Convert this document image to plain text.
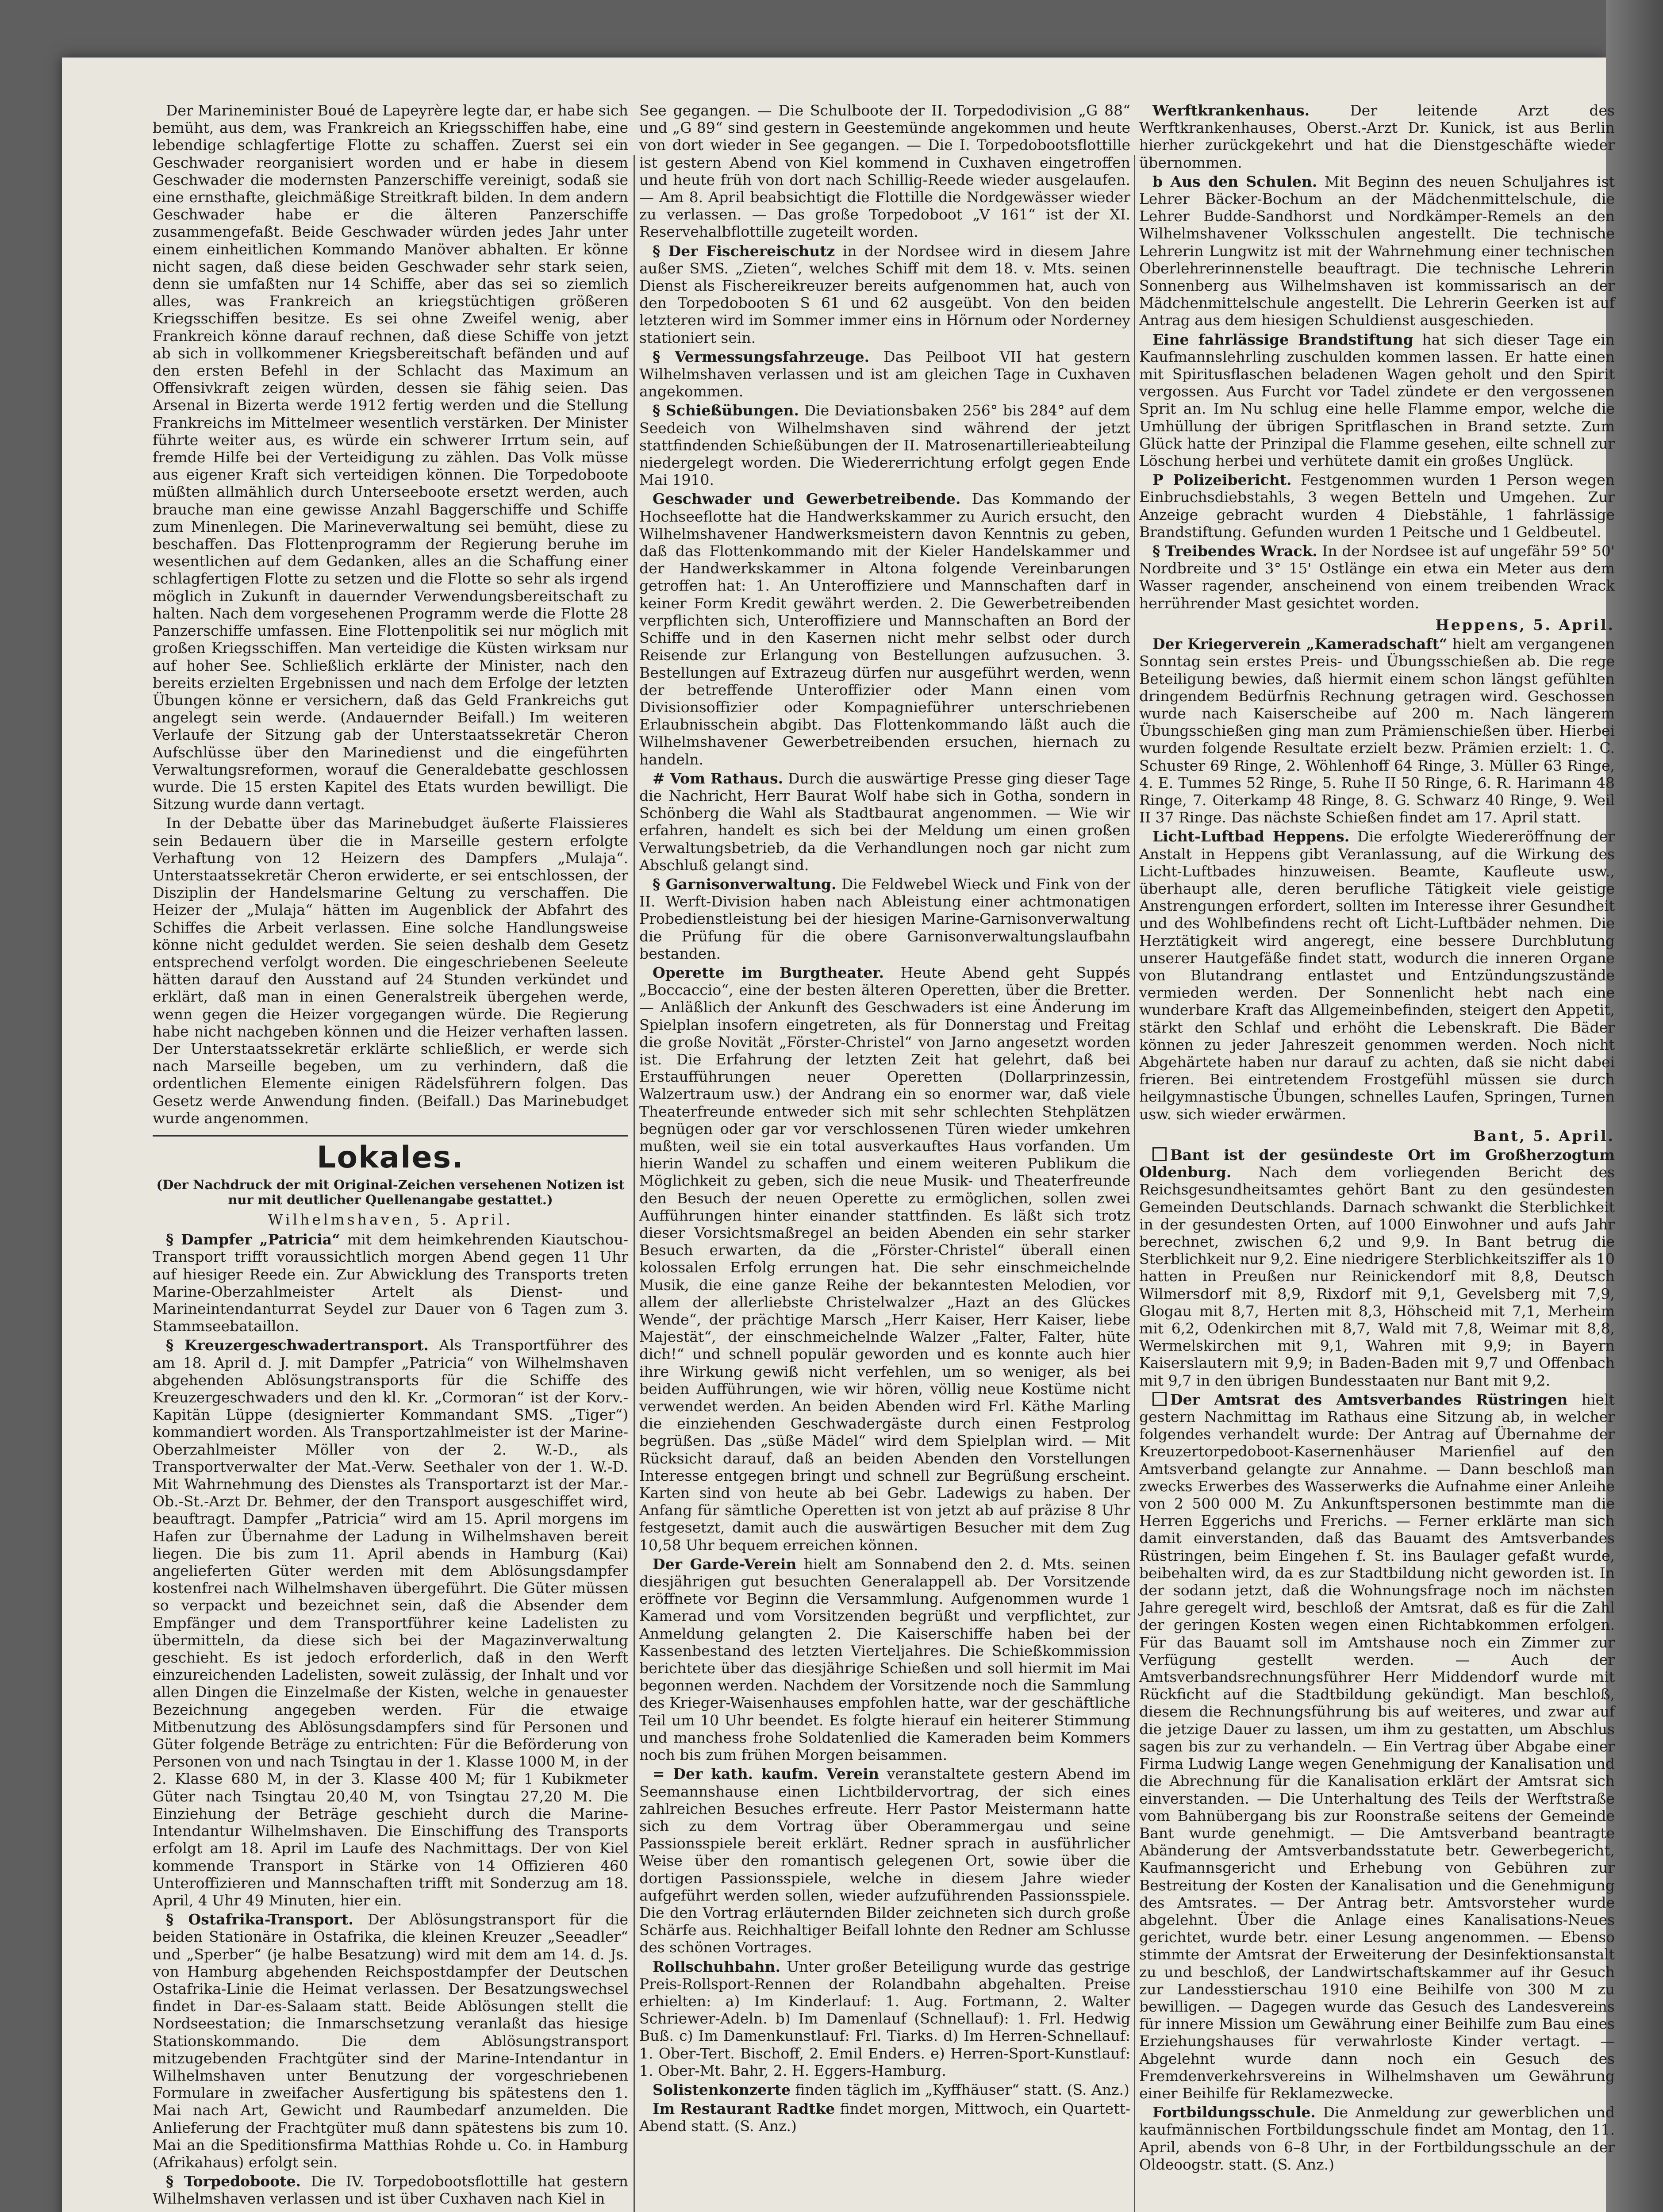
Der Marineminister Boué de Lapeyrère legte dar, er habe sich bemüht, aus dem, was Frankreich an Kriegsschiffen habe, eine lebendige schlagfertige Flotte zu schaffen. Zuerst sei ein Geschwader reorganisiert worden und er habe in diesem Geschwader die modernsten Panzerschiffe vereinigt, sodaß sie eine ernsthafte, gleichmäßige Streitkraft bilden. In dem andern Geschwader habe er die älteren Panzerschiffe zusammengefaßt. Beide Geschwader würden jedes Jahr unter einem einheitlichen Kommando Manöver abhalten. Er könne nicht sagen, daß diese beiden Geschwader sehr stark seien, denn sie umfaßten nur 14 Schiffe, aber das sei so ziemlich alles, was Frankreich an kriegstüchtigen größeren Kriegsschiffen besitze. Es sei ohne Zweifel wenig, aber Frankreich könne darauf rechnen, daß diese Schiffe von jetzt ab sich in vollkommener Kriegsbereitschaft befänden und auf den ersten Befehl in der Schlacht das Maximum an Offensivkraft zeigen würden, dessen sie fähig seien. Das Arsenal in Bizerta werde 1912 fertig werden und die Stellung Frankreichs im Mittelmeer wesentlich verstärken. Der Minister führte weiter aus, es würde ein schwerer Irrtum sein, auf fremde Hilfe bei der Verteidigung zu zählen. Das Volk müsse aus eigener Kraft sich verteidigen können. Die Torpedoboote müßten allmählich durch Unterseeboote ersetzt werden, auch brauche man eine gewisse Anzahl Baggerschiffe und Schiffe zum Minenlegen. Die Marineverwaltung sei bemüht, diese zu beschaffen. Das Flottenprogramm der Regierung beruhe im wesentlichen auf dem Gedanken, alles an die Schaffung einer schlagfertigen Flotte zu setzen und die Flotte so sehr als irgend möglich in Zukunft in dauernder Verwendungsbereitschaft zu halten. Nach dem vorgesehenen Programm werde die Flotte 28 Panzerschiffe umfassen. Eine Flottenpolitik sei nur möglich mit großen Kriegsschiffen. Man verteidige die Küsten wirksam nur auf hoher See. Schließlich erklärte der Minister, nach den bereits erzielten Ergebnissen und nach dem Erfolge der letzten Übungen könne er versichern, daß das Geld Frankreichs gut angelegt sein werde. (Andauernder Beifall.) Im weiteren Verlaufe der Sitzung gab der Unterstaatssekretär Cheron Aufschlüsse über den Marinedienst und die eingeführten Verwaltungsreformen, worauf die Generaldebatte geschlossen wurde. Die 15 ersten Kapitel des Etats wurden bewilligt. Die Sitzung wurde dann vertagt.

In der Debatte über das Marinebudget äußerte Flaissieres sein Bedauern über die in Marseille gestern erfolgte Verhaftung von 12 Heizern des Dampfers „Mulaja“. Unterstaatssekretär Cheron erwiderte, er sei entschlossen, der Disziplin der Handelsmarine Geltung zu verschaffen. Die Heizer der „Mulaja“ hätten im Augenblick der Abfahrt des Schiffes die Arbeit verlassen. Eine solche Handlungsweise könne nicht geduldet werden. Sie seien deshalb dem Gesetz entsprechend verfolgt worden. Die eingeschriebenen Seeleute hätten darauf den Ausstand auf 24 Stunden verkündet und erklärt, daß man in einen Generalstreik übergehen werde, wenn gegen die Heizer vorgegangen würde. Die Regierung habe nicht nachgeben können und die Heizer verhaften lassen. Der Unterstaatssekretär erklärte schließlich, er werde sich nach Marseille begeben, um zu verhindern, daß die ordentlichen Elemente einigen Rädelsführern folgen. Das Gesetz werde Anwendung finden. (Beifall.) Das Marinebudget wurde angenommen.

Lokales.
(Der Nachdruck der mit Original-Zeichen versehenen Notizen ist nur mit deutlicher Quellenangabe gestattet.)
Wilhelmshaven, 5. April.

§ Dampfer „Patricia“ mit dem heimkehrenden Kiautschou-Transport trifft voraussichtlich morgen Abend gegen 11 Uhr auf hiesiger Reede ein. Zur Abwicklung des Transports treten Marine-Oberzahlmeister Artelt als Dienst- und Marineintendanturrat Seydel zur Dauer von 6 Tagen zum 3. Stammseebataillon.

§ Kreuzergeschwadertransport. Als Transportführer des am 18. April d. J. mit Dampfer „Patricia“ von Wilhelmshaven abgehenden Ablösungstransports für die Schiffe des Kreuzergeschwaders und den kl. Kr. „Cormoran“ ist der Korv.-Kapitän Lüppe (designierter Kommandant SMS. „Tiger“) kommandiert worden. Als Transportzahlmeister ist der Marine-Oberzahlmeister Möller von der 2. W.-D., als Transportverwalter der Mat.-Verw. Seethaler von der 1. W.-D. Mit Wahrnehmung des Dienstes als Transportarzt ist der Mar.-Ob.-St.-Arzt Dr. Behmer, der den Transport ausgeschiffet wird, beauftragt. Dampfer „Patricia“ wird am 15. April morgens im Hafen zur Übernahme der Ladung in Wilhelmshaven bereit liegen. Die bis zum 11. April abends in Hamburg (Kai) angelieferten Güter werden mit dem Ablösungsdampfer kostenfrei nach Wilhelmshaven übergeführt. Die Güter müssen so verpackt und bezeichnet sein, daß die Absender dem Empfänger und dem Transportführer keine Ladelisten zu übermitteln, da diese sich bei der Magazinverwaltung geschieht. Es ist jedoch erforderlich, daß in den Werft einzureichenden Ladelisten, soweit zulässig, der Inhalt und vor allen Dingen die Einzelmaße der Kisten, welche in genauester Bezeichnung angegeben werden. Für die etwaige Mitbenutzung des Ablösungsdampfers sind für Personen und Güter folgende Beträge zu entrichten: Für die Beförderung von Personen von und nach Tsingtau in der 1. Klasse 1000 M, in der 2. Klasse 680 M, in der 3. Klasse 400 M; für 1 Kubikmeter Güter nach Tsingtau 20,40 M, von Tsingtau 27,20 M. Die Einziehung der Beträge geschieht durch die Marine-Intendantur Wilhelmshaven. Die Einschiffung des Transports erfolgt am 18. April im Laufe des Nachmittags. Der von Kiel kommende Transport in Stärke von 14 Offizieren 460 Unteroffizieren und Mannschaften trifft mit Sonderzug am 18. April, 4 Uhr 49 Minuten, hier ein.

§ Ostafrika-Transport. Der Ablösungstransport für die beiden Stationäre in Ostafrika, die kleinen Kreuzer „Seeadler“ und „Sperber“ (je halbe Besatzung) wird mit dem am 14. d. Js. von Hamburg abgehenden Reichspostdampfer der Deutschen Ostafrika-Linie die Heimat verlassen. Der Besatzungswechsel findet in Dar-es-Salaam statt. Beide Ablösungen stellt die Nordseestation; die Inmarschsetzung veranlaßt das hiesige Stationskommando. Die dem Ablösungstransport mitzugebenden Frachtgüter sind der Marine-Intendantur in Wilhelmshaven unter Benutzung der vorgeschriebenen Formulare in zweifacher Ausfertigung bis spätestens den 1. Mai nach Art, Gewicht und Raumbedarf anzumelden. Die Anlieferung der Frachtgüter muß dann spätestens bis zum 10. Mai an die Speditionsfirma Matthias Rohde u. Co. in Hamburg (Afrikahaus) erfolgt sein.

§ Torpedoboote. Die IV. Torpedobootsflottille hat gestern Wilhelmshaven verlassen und ist über Cuxhaven nach Kiel in

See gegangen. — Die Schulboote der II. Torpedodivision „G 88“ und „G 89“ sind gestern in Geestemünde angekommen und heute von dort wieder in See gegangen. — Die I. Torpedobootsflottille ist gestern Abend von Kiel kommend in Cuxhaven eingetroffen und heute früh von dort nach Schillig-Reede wieder ausgelaufen. — Am 8. April beabsichtigt die Flottille die Nordgewässer wieder zu verlassen. — Das große Torpedoboot „V 161“ ist der XI. Reservehalbflottille zugeteilt worden.

§ Der Fischereischutz in der Nordsee wird in diesem Jahre außer SMS. „Zieten“, welches Schiff mit dem 18. v. Mts. seinen Dienst als Fischereikreuzer bereits aufgenommen hat, auch von den Torpedobooten S 61 und 62 ausgeübt. Von den beiden letzteren wird im Sommer immer eins in Hörnum oder Norderney stationiert sein.

§ Vermessungsfahrzeuge. Das Peilboot VII hat gestern Wilhelmshaven verlassen und ist am gleichen Tage in Cuxhaven angekommen.

§ Schießübungen. Die Deviationsbaken 256° bis 284° auf dem Seedeich von Wilhelmshaven sind während der jetzt stattfindenden Schießübungen der II. Matrosenartillerieabteilung niedergelegt worden. Die Wiedererrichtung erfolgt gegen Ende Mai 1910.

Geschwader und Gewerbetreibende. Das Kommando der Hochseeflotte hat die Handwerkskammer zu Aurich ersucht, den Wilhelmshavener Handwerksmeistern davon Kenntnis zu geben, daß das Flottenkommando mit der Kieler Handelskammer und der Handwerkskammer in Altona folgende Vereinbarungen getroffen hat: 1. An Unteroffiziere und Mannschaften darf in keiner Form Kredit gewährt werden. 2. Die Gewerbetreibenden verpflichten sich, Unteroffiziere und Mannschaften an Bord der Schiffe und in den Kasernen nicht mehr selbst oder durch Reisende zur Erlangung von Bestellungen aufzusuchen. 3. Bestellungen auf Extrazeug dürfen nur ausgeführt werden, wenn der betreffende Unteroffizier oder Mann einen vom Divisionsoffizier oder Kompagnieführer unterschriebenen Erlaubnisschein abgibt. Das Flottenkommando läßt auch die Wilhelmshavener Gewerbetreibenden ersuchen, hiernach zu handeln.

# Vom Rathaus. Durch die auswärtige Presse ging dieser Tage die Nachricht, Herr Baurat Wolf habe sich in Gotha, sondern in Schönberg die Wahl als Stadtbaurat angenommen. — Wie wir erfahren, handelt es sich bei der Meldung um einen großen Verwaltungsbetrieb, da die Verhandlungen noch gar nicht zum Abschluß gelangt sind.

§ Garnisonverwaltung. Die Feldwebel Wieck und Fink von der II. Werft-Division haben nach Ableistung einer achtmonatigen Probedienstleistung bei der hiesigen Marine-Garnisonverwaltung die Prüfung für die obere Garnisonverwaltungslaufbahn bestanden.

Operette im Burgtheater. Heute Abend geht Suppés „Boccaccio“, eine der besten älteren Operetten, über die Bretter. — Anläßlich der Ankunft des Geschwaders ist eine Änderung im Spielplan insofern eingetreten, als für Donnerstag und Freitag die große Novität „Förster-Christel“ von Jarno angesetzt worden ist. Die Erfahrung der letzten Zeit hat gelehrt, daß bei Erstaufführungen neuer Operetten (Dollarprinzessin, Walzertraum usw.) der Andrang ein so enormer war, daß viele Theaterfreunde entweder sich mit sehr schlechten Stehplätzen begnügen oder gar vor verschlossenen Türen wieder umkehren mußten, weil sie ein total ausverkauftes Haus vorfanden. Um hierin Wandel zu schaffen und einem weiteren Publikum die Möglichkeit zu geben, sich die neue Musik- und Theaterfreunde den Besuch der neuen Operette zu ermöglichen, sollen zwei Aufführungen hinter einander stattfinden. Es läßt sich trotz dieser Vorsichtsmaßregel an beiden Abenden ein sehr starker Besuch erwarten, da die „Förster-Christel“ überall einen kolossalen Erfolg errungen hat. Die sehr einschmeichelnde Musik, die eine ganze Reihe der bekanntesten Melodien, vor allem der allerliebste Christelwalzer „Hazt an des Glückes Wende“, der prächtige Marsch „Herr Kaiser, Herr Kaiser, liebe Majestät“, der einschmeichelnde Walzer „Falter, Falter, hüte dich!“ und schnell populär geworden und es konnte auch hier ihre Wirkung gewiß nicht verfehlen, um so weniger, als bei beiden Aufführungen, wie wir hören, völlig neue Kostüme nicht verwendet werden. An beiden Abenden wird Frl. Käthe Marling die einziehenden Geschwadergäste durch einen Festprolog begrüßen. Das „süße Mädel“ wird dem Spielplan wird. — Mit Rücksicht darauf, daß an beiden Abenden den Vorstellungen Interesse entgegen bringt und schnell zur Begrüßung erscheint. Karten sind von heute ab bei Gebr. Ladewigs zu haben. Der Anfang für sämtliche Operetten ist von jetzt ab auf präzise 8 Uhr festgesetzt, damit auch die auswärtigen Besucher mit dem Zug 10,58 Uhr bequem erreichen können.

Der Garde-Verein hielt am Sonnabend den 2. d. Mts. seinen diesjährigen gut besuchten Generalappell ab. Der Vorsitzende eröffnete vor Beginn die Versammlung. Aufgenommen wurde 1 Kamerad und vom Vorsitzenden begrüßt und verpflichtet, zur Anmeldung gelangten 2. Die Kaiserschiffe haben bei der Kassenbestand des letzten Vierteljahres. Die Schießkommission berichtete über das diesjährige Schießen und soll hiermit im Mai begonnen werden. Nachdem der Vorsitzende noch die Sammlung des Krieger-Waisenhauses empfohlen hatte, war der geschäftliche Teil um 10 Uhr beendet. Es folgte hierauf ein heiterer Stimmung und manchess frohe Soldatenlied die Kameraden beim Kommers noch bis zum frühen Morgen beisammen.

= Der kath. kaufm. Verein veranstaltete gestern Abend im Seemannshause einen Lichtbildervortrag, der sich eines zahlreichen Besuches erfreute. Herr Pastor Meistermann hatte sich zu dem Vortrag über Oberammergau und seine Passionsspiele bereit erklärt. Redner sprach in ausführlicher Weise über den romantisch gelegenen Ort, sowie über die dortigen Passionsspiele, welche in diesem Jahre wieder aufgeführt werden sollen, wieder aufzuführenden Passionsspiele. Die den Vortrag erläuternden Bilder zeichneten sich durch große Schärfe aus. Reichhaltiger Beifall lohnte den Redner am Schlusse des schönen Vortrages.

Rollschuhbahn. Unter großer Beteiligung wurde das gestrige Preis-Rollsport-Rennen der Rolandbahn abgehalten. Preise erhielten: a) Im Kinderlauf: 1. Aug. Fortmann, 2. Walter Schriewer-Adeln. b) Im Damenlauf (Schnellauf): 1. Frl. Hedwig Buß. c) Im Damenkunstlauf: Frl. Tiarks. d) Im Herren-Schnellauf: 1. Ober-Tert. Bischoff, 2. Emil Enders. e) Herren-Sport-Kunstlauf: 1. Ober-Mt. Bahr, 2. H. Eggers-Hamburg.

Solistenkonzerte finden täglich im „Kyffhäuser“ statt. (S. Anz.)

Im Restaurant Radtke findet morgen, Mittwoch, ein Quartett-Abend statt. (S. Anz.)

Werftkrankenhaus.	Der leitende Arzt des Werftkrankenhauses, Oberst.-Arzt Dr. Kunick, ist aus Berlin hierher zurückgekehrt und hat die Dienstgeschäfte wieder übernommen.

b Aus den Schulen. Mit Beginn des neuen Schuljahres ist Lehrer Bäcker-Bochum an der Mädchenmittelschule, die Lehrer Budde-Sandhorst und Nordkämper-Remels an den Wilhelmshavener Volksschulen angestellt. Die technische Lehrerin Lungwitz ist mit der Wahrnehmung einer technischen Oberlehrerinnenstelle beauftragt. Die technische Lehrerin Sonnenberg aus Wilhelmshaven ist kommissarisch an der Mädchenmittelschule angestellt. Die Lehrerin Geerken ist auf Antrag aus dem hiesigen Schuldienst ausgeschieden.

Eine fahrlässige Brandstiftung hat sich dieser Tage ein Kaufmannslehrling zuschulden kommen lassen. Er hatte einen mit Spiritusflaschen beladenen Wagen geholt und den Spirit vergossen. Aus Furcht vor Tadel zündete er den vergossenen Sprit an. Im Nu schlug eine helle Flamme empor, welche die Umhüllung der übrigen Spritflaschen in Brand setzte. Zum Glück hatte der Prinzipal die Flamme gesehen, eilte schnell zur Löschung herbei und verhütete damit ein großes Unglück.

P Polizeibericht. Festgenommen wurden 1 Person wegen Einbruchsdiebstahls, 3 wegen Betteln und Umgehen. Zur Anzeige gebracht wurden 4 Diebstähle, 1 fahrlässige Brandstiftung. Gefunden wurden 1 Peitsche und 1 Geldbeutel.

§ Treibendes Wrack. In der Nordsee ist auf ungefähr 59° 50' Nordbreite und 3° 15' Ostlänge ein etwa ein Meter aus dem Wasser ragender, anscheinend von einem treibenden Wrack herrührender Mast gesichtet worden.

Heppens, 5. April.

Der Kriegerverein „Kameradschaft“ hielt am vergangenen Sonntag sein erstes Preis- und Übungsschießen ab. Die rege Beteiligung bewies, daß hiermit einem schon längst gefühlten dringendem Bedürfnis Rechnung getragen wird. Geschossen wurde nach Kaiserscheibe auf 200 m. Nach längerem Übungsschießen ging man zum Prämienschießen über. Hierbei wurden folgende Resultate erzielt bezw. Prämien erzielt: 1. C. Schuster 69 Ringe, 2. Wöhlenhoff 64 Ringe, 3. Müller 63 Ringe, 4. E. Tummes 52 Ringe, 5. Ruhe II 50 Ringe, 6. R. Harimann 48 Ringe, 7. Oiterkamp 48 Ringe, 8. G. Schwarz 40 Ringe, 9. Weil II 37 Ringe. Das nächste Schießen findet am 17. April statt.

Licht-Luftbad Heppens. Die erfolgte Wiedereröffnung der Anstalt in Heppens gibt Veranlassung, auf die Wirkung des Licht-Luftbades hinzuweisen. Beamte, Kaufleute usw., überhaupt alle, deren berufliche Tätigkeit viele geistige Anstrengungen erfordert, sollten im Interesse ihrer Gesundheit und des Wohlbefindens recht oft Licht-Luftbäder nehmen. Die Herztätigkeit wird angeregt, eine bessere Durchblutung unserer Hautgefäße findet statt, wodurch die inneren Organe von Blutandrang entlastet und Entzündungszustände vermieden werden. Der Sonnenlicht hebt nach eine wunderbare Kraft das Allgemeinbefinden, steigert den Appetit, stärkt den Schlaf und erhöht die Lebenskraft. Die Bäder können zu jeder Jahreszeit genommen werden. Noch nicht Abgehärtete haben nur darauf zu achten, daß sie nicht dabei frieren. Bei eintretendem Frostgefühl müssen sie durch heilgymnastische Übungen, schnelles Laufen, Springen, Turnen usw. sich wieder erwärmen.

Bant, 5. April.

Bant ist der gesündeste Ort im Großherzogtum Oldenburg. Nach dem vorliegenden Bericht des Reichsgesundheitsamtes gehört Bant zu den gesündesten Gemeinden Deutschlands. Darnach schwankt die Sterblichkeit in der gesundesten Orten, auf 1000 Einwohner und aufs Jahr berechnet, zwischen 6,2 und 9,9. In Bant betrug die Sterblichkeit nur 9,2. Eine niedrigere Sterblichkeitsziffer als 10 hatten in Preußen nur Reinickendorf mit 8,8, Deutsch Wilmersdorf mit 8,9, Rixdorf mit 9,1, Gevelsberg mit 7,9, Glogau mit 8,7, Herten mit 8,3, Höhscheid mit 7,1, Merheim mit 6,2, Odenkirchen mit 8,7, Wald mit 7,8, Weimar mit 8,8, Wermelskirchen mit 9,1, Wahren mit 9,9; in Bayern Kaiserslautern mit 9,9; in Baden-Baden mit 9,7 und Offenbach mit 9,7 in den übrigen Bundesstaaten nur Bant mit 9,2.

Der Amtsrat des Amtsverbandes Rüstringen hielt gestern Nachmittag im Rathaus eine Sitzung ab, in welcher folgendes verhandelt wurde: Der Antrag auf Übernahme der Kreuzertorpedoboot-Kasernenhäuser Marienfiel auf den Amtsverband gelangte zur Annahme. — Dann beschloß man zwecks Erwerbes des Wasserwerks die Aufnahme einer Anleihe von 2 500 000 M. Zu Ankunftspersonen bestimmte man die Herren Eggerichs und Frerichs. — Ferner erklärte man sich damit einverstanden, daß das Bauamt des Amtsverbandes Rüstringen, beim Eingehen f. St. ins Baulager gefaßt wurde, beibehalten wird, da es zur Stadtbildung nicht geworden ist. In der sodann jetzt, daß die Wohnungsfrage noch im nächsten Jahre geregelt wird, beschloß der Amtsrat, daß es für die Zahl der geringen Kosten wegen einen Richtabkommen erfolgen. Für das Bauamt soll im Amtshause noch ein Zimmer zur Verfügung gestellt werden. — Auch der Amtsverbandsrechnungsführer Herr Middendorf wurde mit Rückficht auf die Stadtbildung gekündigt. Man beschloß, diesem die Rechnungsführung bis auf weiteres, und zwar auf die jetzige Dauer zu lassen, um ihm zu gestatten, um Abschlus sagen bis zur zu verhandeln. — Ein Vertrag über Abgabe einer Firma Ludwig Lange wegen Genehmigung der Kanalisation und die Abrechnung für die Kanalisation erklärt der Amtsrat sich einverstanden. — Die Unterhaltung des Teils der Werftstraße vom Bahnübergang bis zur Roonstraße seitens der Gemeinde Bant wurde genehmigt. — Die Amtsverband beantragte Abänderung der Amtsverbandsstatute betr. Gewerbegericht, Kaufmannsgericht und Erhebung von Gebühren zur Bestreitung der Kosten der Kanalisation und die Genehmigung des Amtsrates. — Der Antrag betr. Amtsvorsteher wurde abgelehnt. Über die Anlage eines Kanalisations-Neues gerichtet, wurde betr. einer Lesung angenommen. — Ebenso stimmte der Amtsrat der Erweiterung der Desinfektionsanstalt zu und beschloß, der Landwirtschaftskammer auf ihr Gesuch zur Landesstierschau 1910 eine Beihilfe von 300 M zu bewilligen. — Dagegen wurde das Gesuch des Landesvereins für innere Mission um Gewährung einer Beihilfe zum Bau eines Erziehungshauses für verwahrloste Kinder vertagt. — Abgelehnt wurde dann noch ein Gesuch des Fremdenverkehrsvereins in Wilhelmshaven um Gewährung einer Beihilfe für Reklamezwecke.

Fortbildungsschule. Die Anmeldung zur gewerblichen und kaufmännischen Fortbildungsschule findet am Montag, den 11. April, abends von 6–8 Uhr, in der Fortbildungsschule an der Oldeoogstr. statt. (S. Anz.)
